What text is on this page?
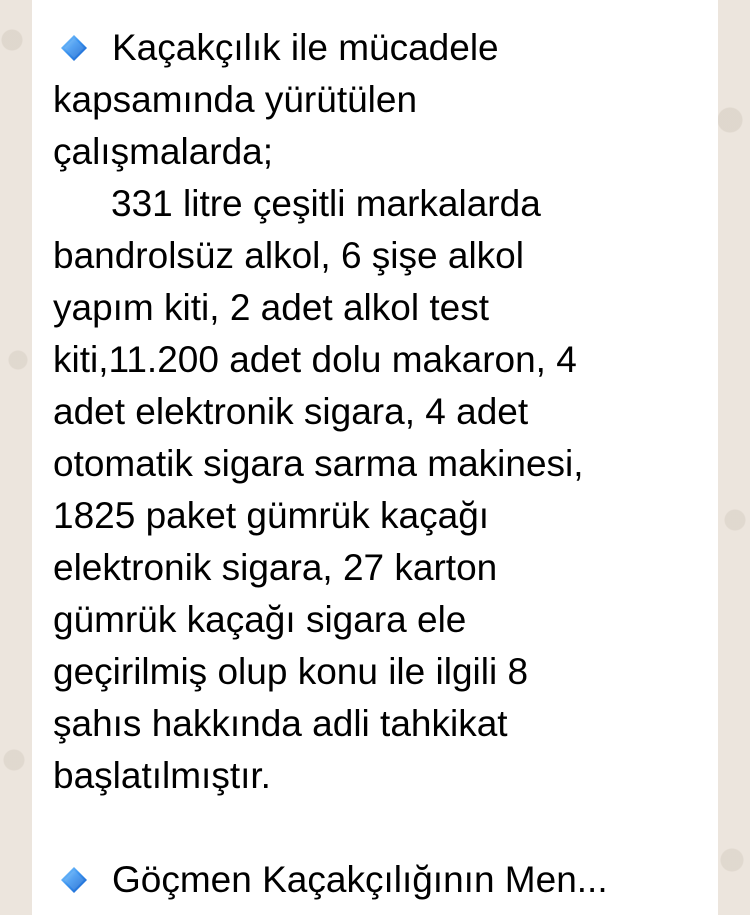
Kaçakçılık ile mücadele
kapsamında yürütülen
çalışmalarda;
331 litre çeşitli markalarda
bandrolsüz alkol, 6 şişe alkol
yapım kiti, 2 adet alkol test
kiti,11.200 adet dolu makaron, 4
adet elektronik sigara, 4 adet
otomatik sigara sarma makinesi,
1825 paket gümrük kaçağı
elektronik sigara, 27 karton
gümrük kaçağı sigara ele
geçirilmiş olup konu ile ilgili 8
şahıs hakkında adli tahkikat
başlatılmıştır.
Göçmen Kaçakçılığının Men...
